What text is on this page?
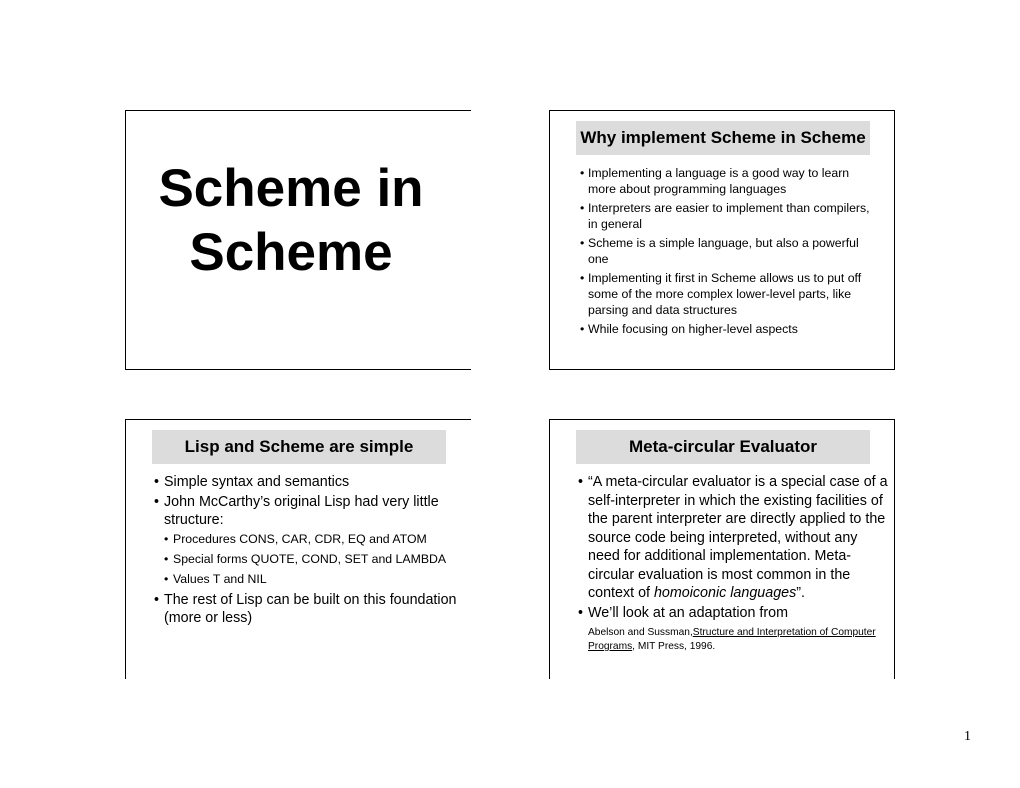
Scheme in
Scheme
Why implement Scheme in Scheme
• Implementing a language is a good way to learn more about programming languages
• Interpreters are easier to implement than compilers, in general
• Scheme is a simple language, but also a powerful one
• Implementing it first in Scheme allows us to put off some of the more complex lower-level parts, like parsing and data structures
• While focusing on higher-level aspects
Lisp and Scheme are simple
• Simple syntax and semantics
• John McCarthy’s original Lisp had very little structure:
• Procedures CONS, CAR, CDR, EQ and ATOM
• Special forms QUOTE, COND, SET and LAMBDA
• Values T and NIL
• The rest of Lisp can be built on this foundation (more or less)
Meta-circular Evaluator
• “A meta-circular evaluator is a special case of a self-interpreter in which the existing facilities of the parent interpreter are directly applied to the source code being interpreted, without any need for additional implementation. Meta-circular evaluation is most common in the context of homoiconic languages”.
• We’ll look at an adaptation from
Abelson and Sussman,Structure and Interpretation of Computer Programs, MIT Press, 1996.
1
